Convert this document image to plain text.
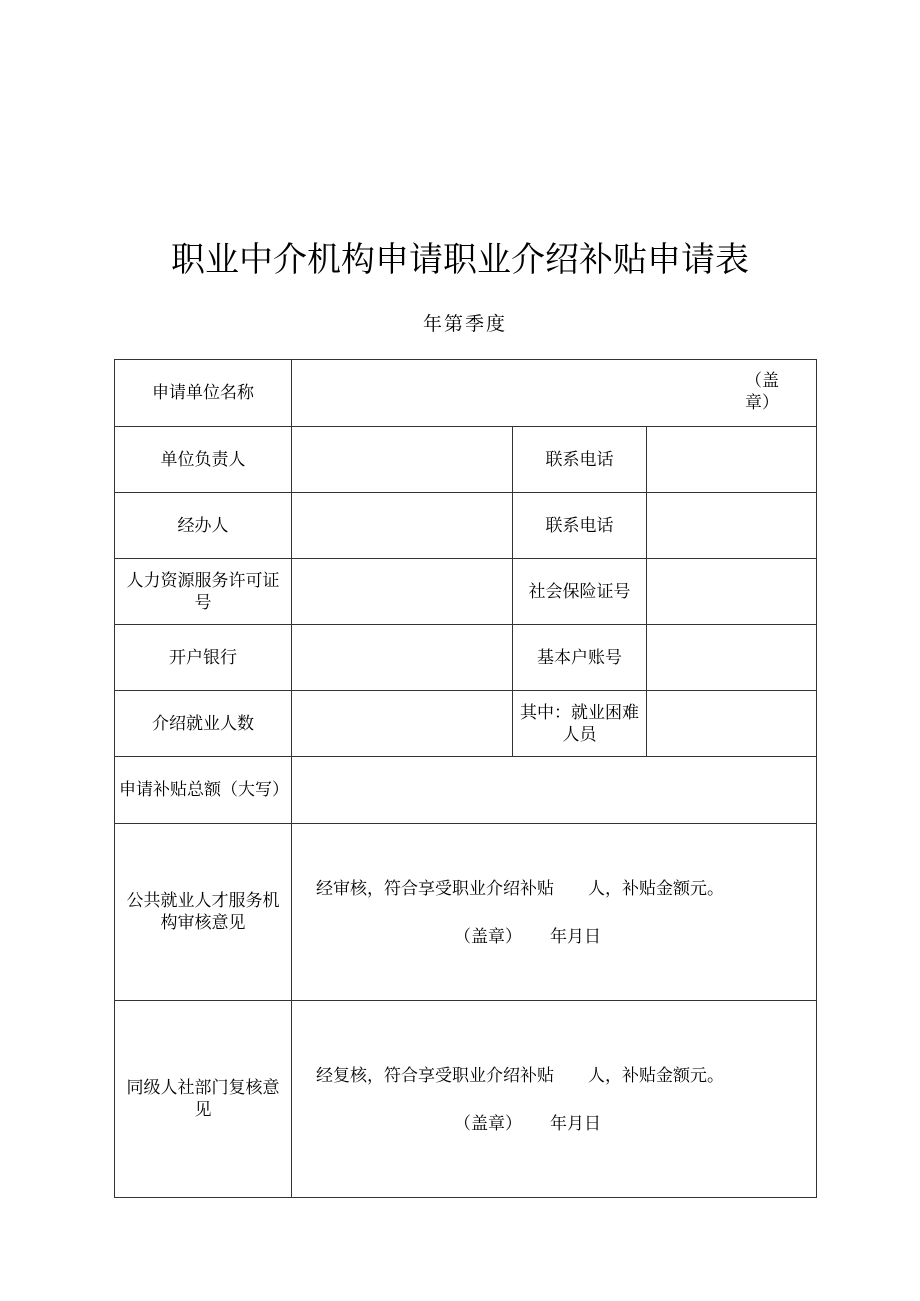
职业中介机构申请职业介绍补贴申请表
年第季度
申请单位名称	（盖章）		

单位负责人		联系电话	
经办人		联系电话	
人力资源服务许可证号		社会保险证号	
开户银行		基本户账号	
介绍就业人数		其中：就业困难人员	
申请补贴总额（大写）			
公共就业人才服务机构审核意见	经审核，符合享受职业介绍补贴 人，补贴金额元。
（盖章） 年月日		

同级人社部门复核意见	经复核，符合享受职业介绍补贴 人，补贴金额元。
（盖章） 年月日		
